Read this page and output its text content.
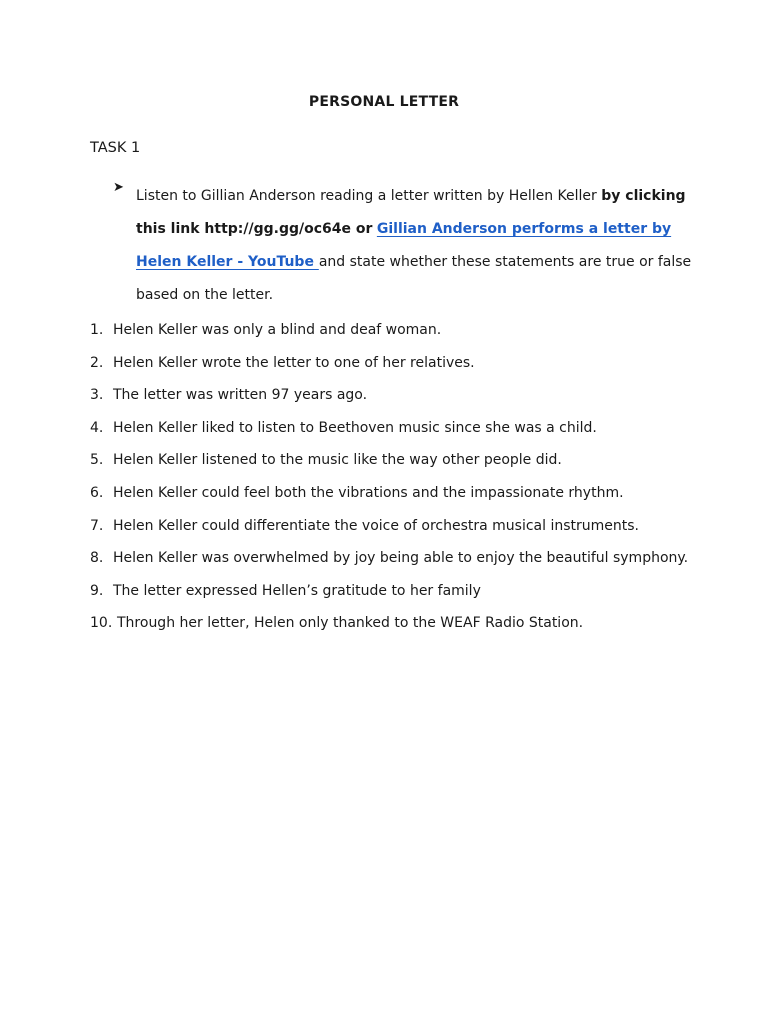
PERSONAL LETTER
TASK 1
➤
Listen to Gillian Anderson reading a letter written by Hellen Keller by clicking this link http://gg.gg/oc64e or Gillian Anderson performs a letter by Helen Keller - YouTube and state whether these statements are true or false based on the letter.
1. Helen Keller was only a blind and deaf woman.
2. Helen Keller wrote the letter to one of her relatives.
3. The letter was written 97 years ago.
4. Helen Keller liked to listen to Beethoven music since she was a child.
5. Helen Keller listened to the music like the way other people did.
6. Helen Keller could feel both the vibrations and the impassionate rhythm.
7. Helen Keller could differentiate the voice of orchestra musical instruments.
8. Helen Keller was overwhelmed by joy being able to enjoy the beautiful symphony.
9. The letter expressed Hellen’s gratitude to her family
10. Through her letter, Helen only thanked to the WEAF Radio Station.
